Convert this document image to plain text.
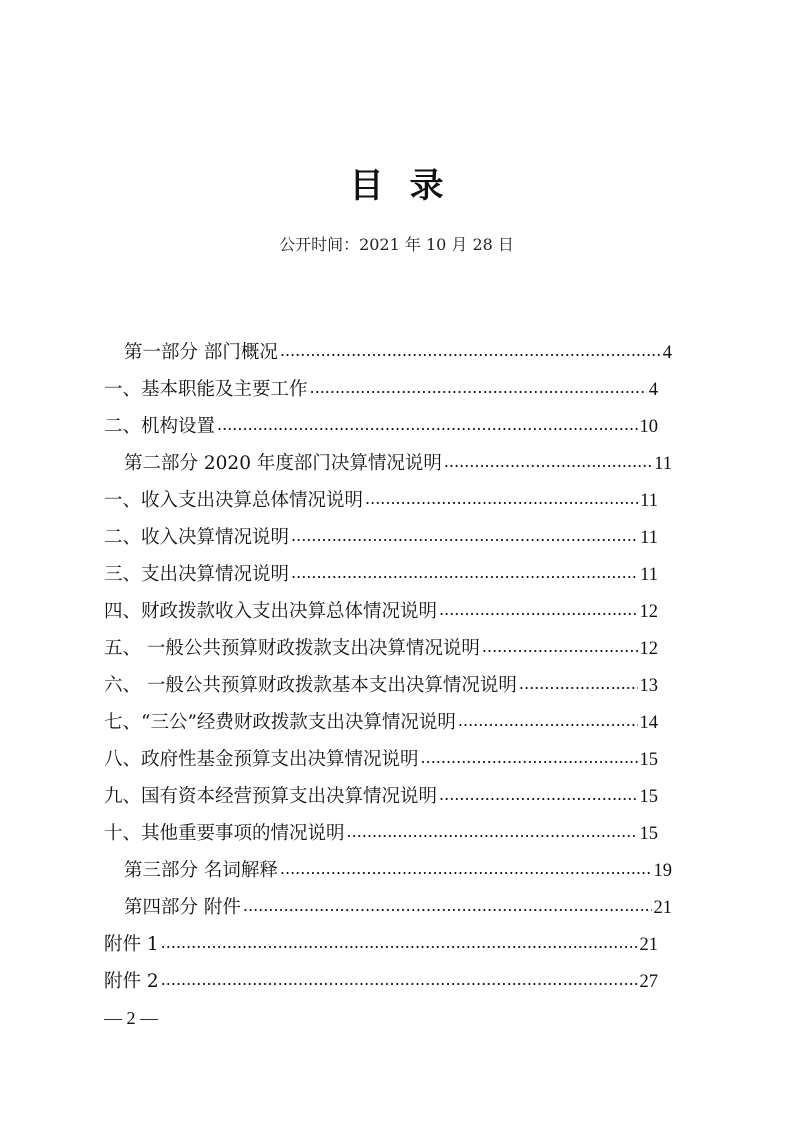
目 录
公开时间：2021 年 10 月 28 日
第一部分 部门概况 .....	4
一、基本职能及主要工作 .....	4
二、机构设置 .....	10
第二部分 2020 年度部门决算情况说明 .....	11
一、收入支出决算总体情况说明 .....	11
二、收入决算情况说明 .....	11
三、支出决算情况说明 .....	11
四、财政拨款收入支出决算总体情况说明 .....	12
五、 一般公共预算财政拨款支出决算情况说明 .....	12
六、 一般公共预算财政拨款基本支出决算情况说明 .....	13
七、“三公”经费财政拨款支出决算情况说明 .....	14
八、政府性基金预算支出决算情况说明 .....	15
九、国有资本经营预算支出决算情况说明 .....	15
十、其他重要事项的情况说明 .....	15
第三部分 名词解释 .....	19
第四部分 附件 .....	21
附件 1 .....	21
附件 2 .....	27
— 2 —
